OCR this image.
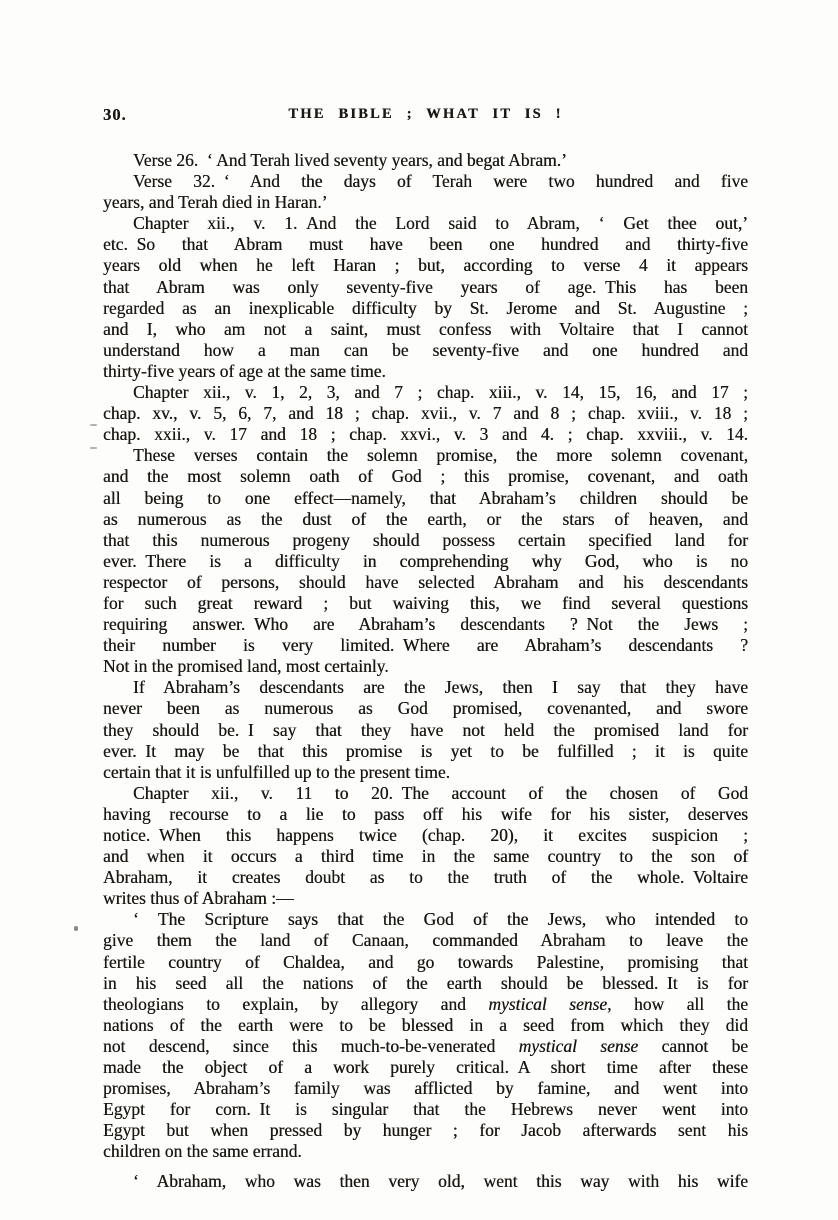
30.	THE BIBLE ; WHAT IT IS !
Verse 26. ‘ And Terah lived seventy years, and begat Abram.’
Verse 32. ‘ And the days of Terah were two hundred and five
years, and Terah died in Haran.’
Chapter xii., v. 1. And the Lord said to Abram, ‘ Get thee out,’
etc. So that Abram must have been one hundred and thirty-five
years old when he left Haran ; but, according to verse 4 it appears
that Abram was only seventy-five years of age. This has been
regarded as an inexplicable difficulty by St. Jerome and St. Augustine ;
and I, who am not a saint, must confess with Voltaire that I cannot
understand how a man can be seventy-five and one hundred and
thirty-five years of age at the same time.
Chapter xii., v. 1, 2, 3, and 7 ; chap. xiii., v. 14, 15, 16, and 17 ;
chap. xv., v. 5, 6, 7, and 18 ; chap. xvii., v. 7 and 8 ; chap. xviii., v. 18 ;
chap. xxii., v. 17 and 18 ; chap. xxvi., v. 3 and 4. ; chap. xxviii., v. 14.
These verses contain the solemn promise, the more solemn covenant,
and the most solemn oath of God ; this promise, covenant, and oath
all being to one effect—namely, that Abraham’s children should be
as numerous as the dust of the earth, or the stars of heaven, and
that this numerous progeny should possess certain specified land for
ever. There is a difficulty in comprehending why God, who is no
respector of persons, should have selected Abraham and his descendants
for such great reward ; but waiving this, we find several questions
requiring answer. Who are Abraham’s descendants ? Not the Jews ;
their number is very limited. Where are Abraham’s descendants ?
Not in the promised land, most certainly.
If Abraham’s descendants are the Jews, then I say that they have
never been as numerous as God promised, covenanted, and swore
they should be. I say that they have not held the promised land for
ever. It may be that this promise is yet to be fulfilled ; it is quite
certain that it is unfulfilled up to the present time.
Chapter xii., v. 11 to 20. The account of the chosen of God
having recourse to a lie to pass off his wife for his sister, deserves
notice. When this happens twice (chap. 20), it excites suspicion ;
and when it occurs a third time in the same country to the son of
Abraham, it creates doubt as to the truth of the whole. Voltaire
writes thus of Abraham :—
‘ The Scripture says that the God of the Jews, who intended to
give them the land of Canaan, commanded Abraham to leave the
fertile country of Chaldea, and go towards Palestine, promising that
in his seed all the nations of the earth should be blessed. It is for
theologians to explain, by allegory and mystical sense, how all the
nations of the earth were to be blessed in a seed from which they did
not descend, since this much-to-be-venerated mystical sense cannot be
made the object of a work purely critical. A short time after these
promises, Abraham’s family was afflicted by famine, and went into
Egypt for corn. It is singular that the Hebrews never went into
Egypt but when pressed by hunger ; for Jacob afterwards sent his
children on the same errand.
‘ Abraham, who was then very old, went this way with his wife
